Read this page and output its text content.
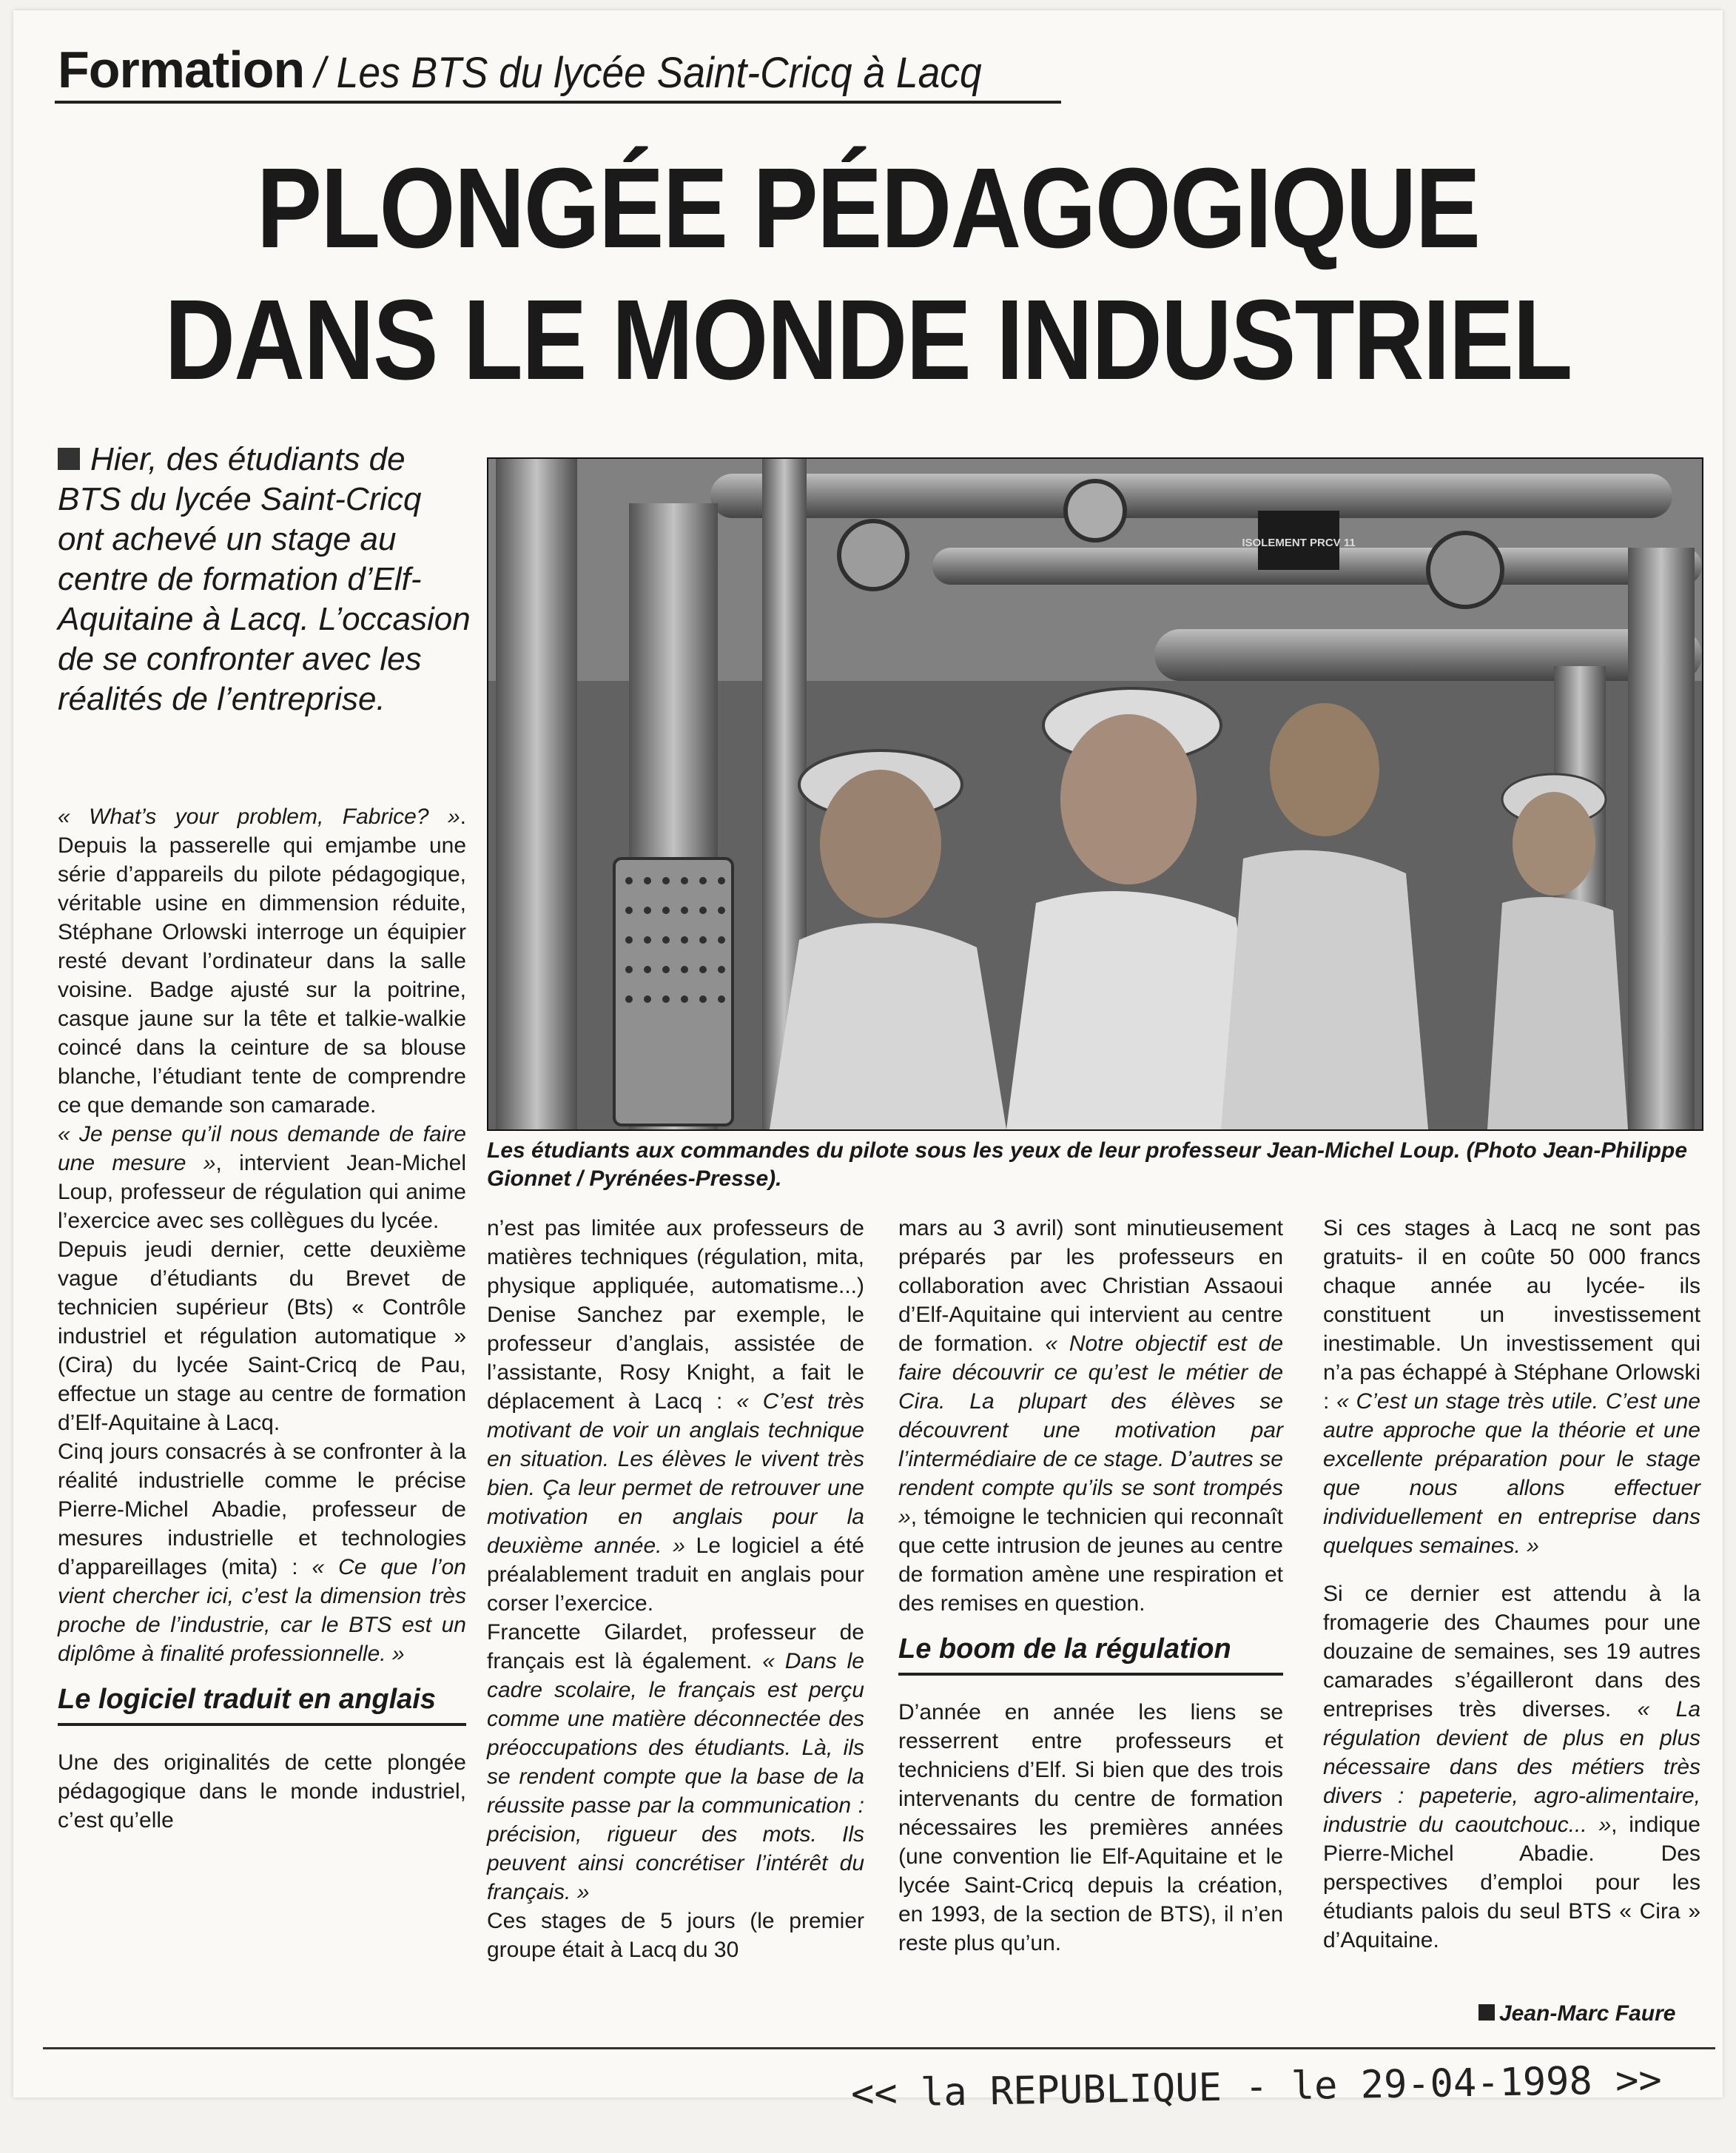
Formation / Les BTS du lycée Saint-Cricq à Lacq
PLONGÉE PÉDAGOGIQUE
DANS LE MONDE INDUSTRIEL
Hier, des étudiants de BTS du lycée Saint-Cricq ont achevé un stage au centre de formation d’Elf-Aquitaine à Lacq. L’occasion de se confronter avec les réalités de l’entreprise.

« What’s your problem, Fabrice? ». Depuis la passerelle qui emjambe une série d’appareils du pilote pédagogique, véritable usine en dimmension réduite, Stéphane Orlowski interroge un équipier resté devant l’ordinateur dans la salle voisine. Badge ajusté sur la poitrine, casque jaune sur la tête et talkie-walkie coincé dans la ceinture de sa blouse blanche, l’étudiant tente de comprendre ce que demande son camarade.

« Je pense qu’il nous demande de faire une mesure », intervient Jean-Michel Loup, professeur de régulation qui anime l’exercice avec ses collègues du lycée.

Depuis jeudi dernier, cette deuxième vague d’étudiants du Brevet de technicien supérieur (Bts) « Contrôle industriel et régulation automatique » (Cira) du lycée Saint-Cricq de Pau, effectue un stage au centre de formation d’Elf-Aquitaine à Lacq.

Cinq jours consacrés à se confronter à la réalité industrielle comme le précise Pierre-Michel Abadie, professeur de mesures industrielle et technologies d’appareillages (mita) : « Ce que l’on vient chercher ici, c’est la dimension très proche de l’industrie, car le BTS est un diplôme à finalité professionnelle. »

Le logiciel traduit en anglais

Une des originalités de cette plongée pédagogique dans le monde industriel, c’est qu’elle

Les étudiants aux commandes du pilote sous les yeux de leur professeur Jean-Michel Loup. (Photo Jean-Philippe Gionnet / Pyrénées-Presse).

n’est pas limitée aux professeurs de matières techniques (régulation, mita, physique appliquée, automatisme...) Denise Sanchez par exemple, le professeur d’anglais, assistée de l’assistante, Rosy Knight, a fait le déplacement à Lacq : « C’est très motivant de voir un anglais technique en situation. Les élèves le vivent très bien. Ça leur permet de retrouver une motivation en anglais pour la deuxième année. » Le logiciel a été préalablement traduit en anglais pour corser l’exercice.

Francette Gilardet, professeur de français est là également. « Dans le cadre scolaire, le français est perçu comme une matière déconnectée des préoccupations des étudiants. Là, ils se rendent compte que la base de la réussite passe par la communication : précision, rigueur des mots. Ils peuvent ainsi concrétiser l’intérêt du français. »

Ces stages de 5 jours (le premier groupe était à Lacq du 30

mars au 3 avril) sont minutieusement préparés par les professeurs en collaboration avec Christian Assaoui d’Elf-Aquitaine qui intervient au centre de formation. « Notre objectif est de faire découvrir ce qu’est le métier de Cira. La plupart des élèves se découvrent une motivation par l’intermédiaire de ce stage. D’autres se rendent compte qu’ils se sont trompés », témoigne le technicien qui reconnaît que cette intrusion de jeunes au centre de formation amène une respiration et des remises en question.

Le boom de la régulation

D’année en année les liens se resserrent entre professeurs et techniciens d’Elf. Si bien que des trois intervenants du centre de formation nécessaires les premières années (une convention lie Elf-Aquitaine et le lycée Saint-Cricq depuis la création, en 1993, de la section de BTS), il n’en reste plus qu’un.

Si ces stages à Lacq ne sont pas gratuits- il en coûte 50 000 francs chaque année au lycée- ils constituent un investissement inestimable. Un investissement qui n’a pas échappé à Stéphane Orlowski : « C’est un stage très utile. C’est une autre approche que la théorie et une excellente préparation pour le stage que nous allons effectuer individuellement en entreprise dans quelques semaines. »

Si ce dernier est attendu à la fromagerie des Chaumes pour une douzaine de semaines, ses 19 autres camarades s’égailleront dans des entreprises très diverses. « La régulation devient de plus en plus nécessaire dans des métiers très divers : papeterie, agro-alimentaire, industrie du caoutchouc... », indique Pierre-Michel Abadie. Des perspectives d’emploi pour les étudiants palois du seul BTS « Cira » d’Aquitaine.

Jean-Marc Faure
<< la REPUBLIQUE - le 29-04-1998 >>
